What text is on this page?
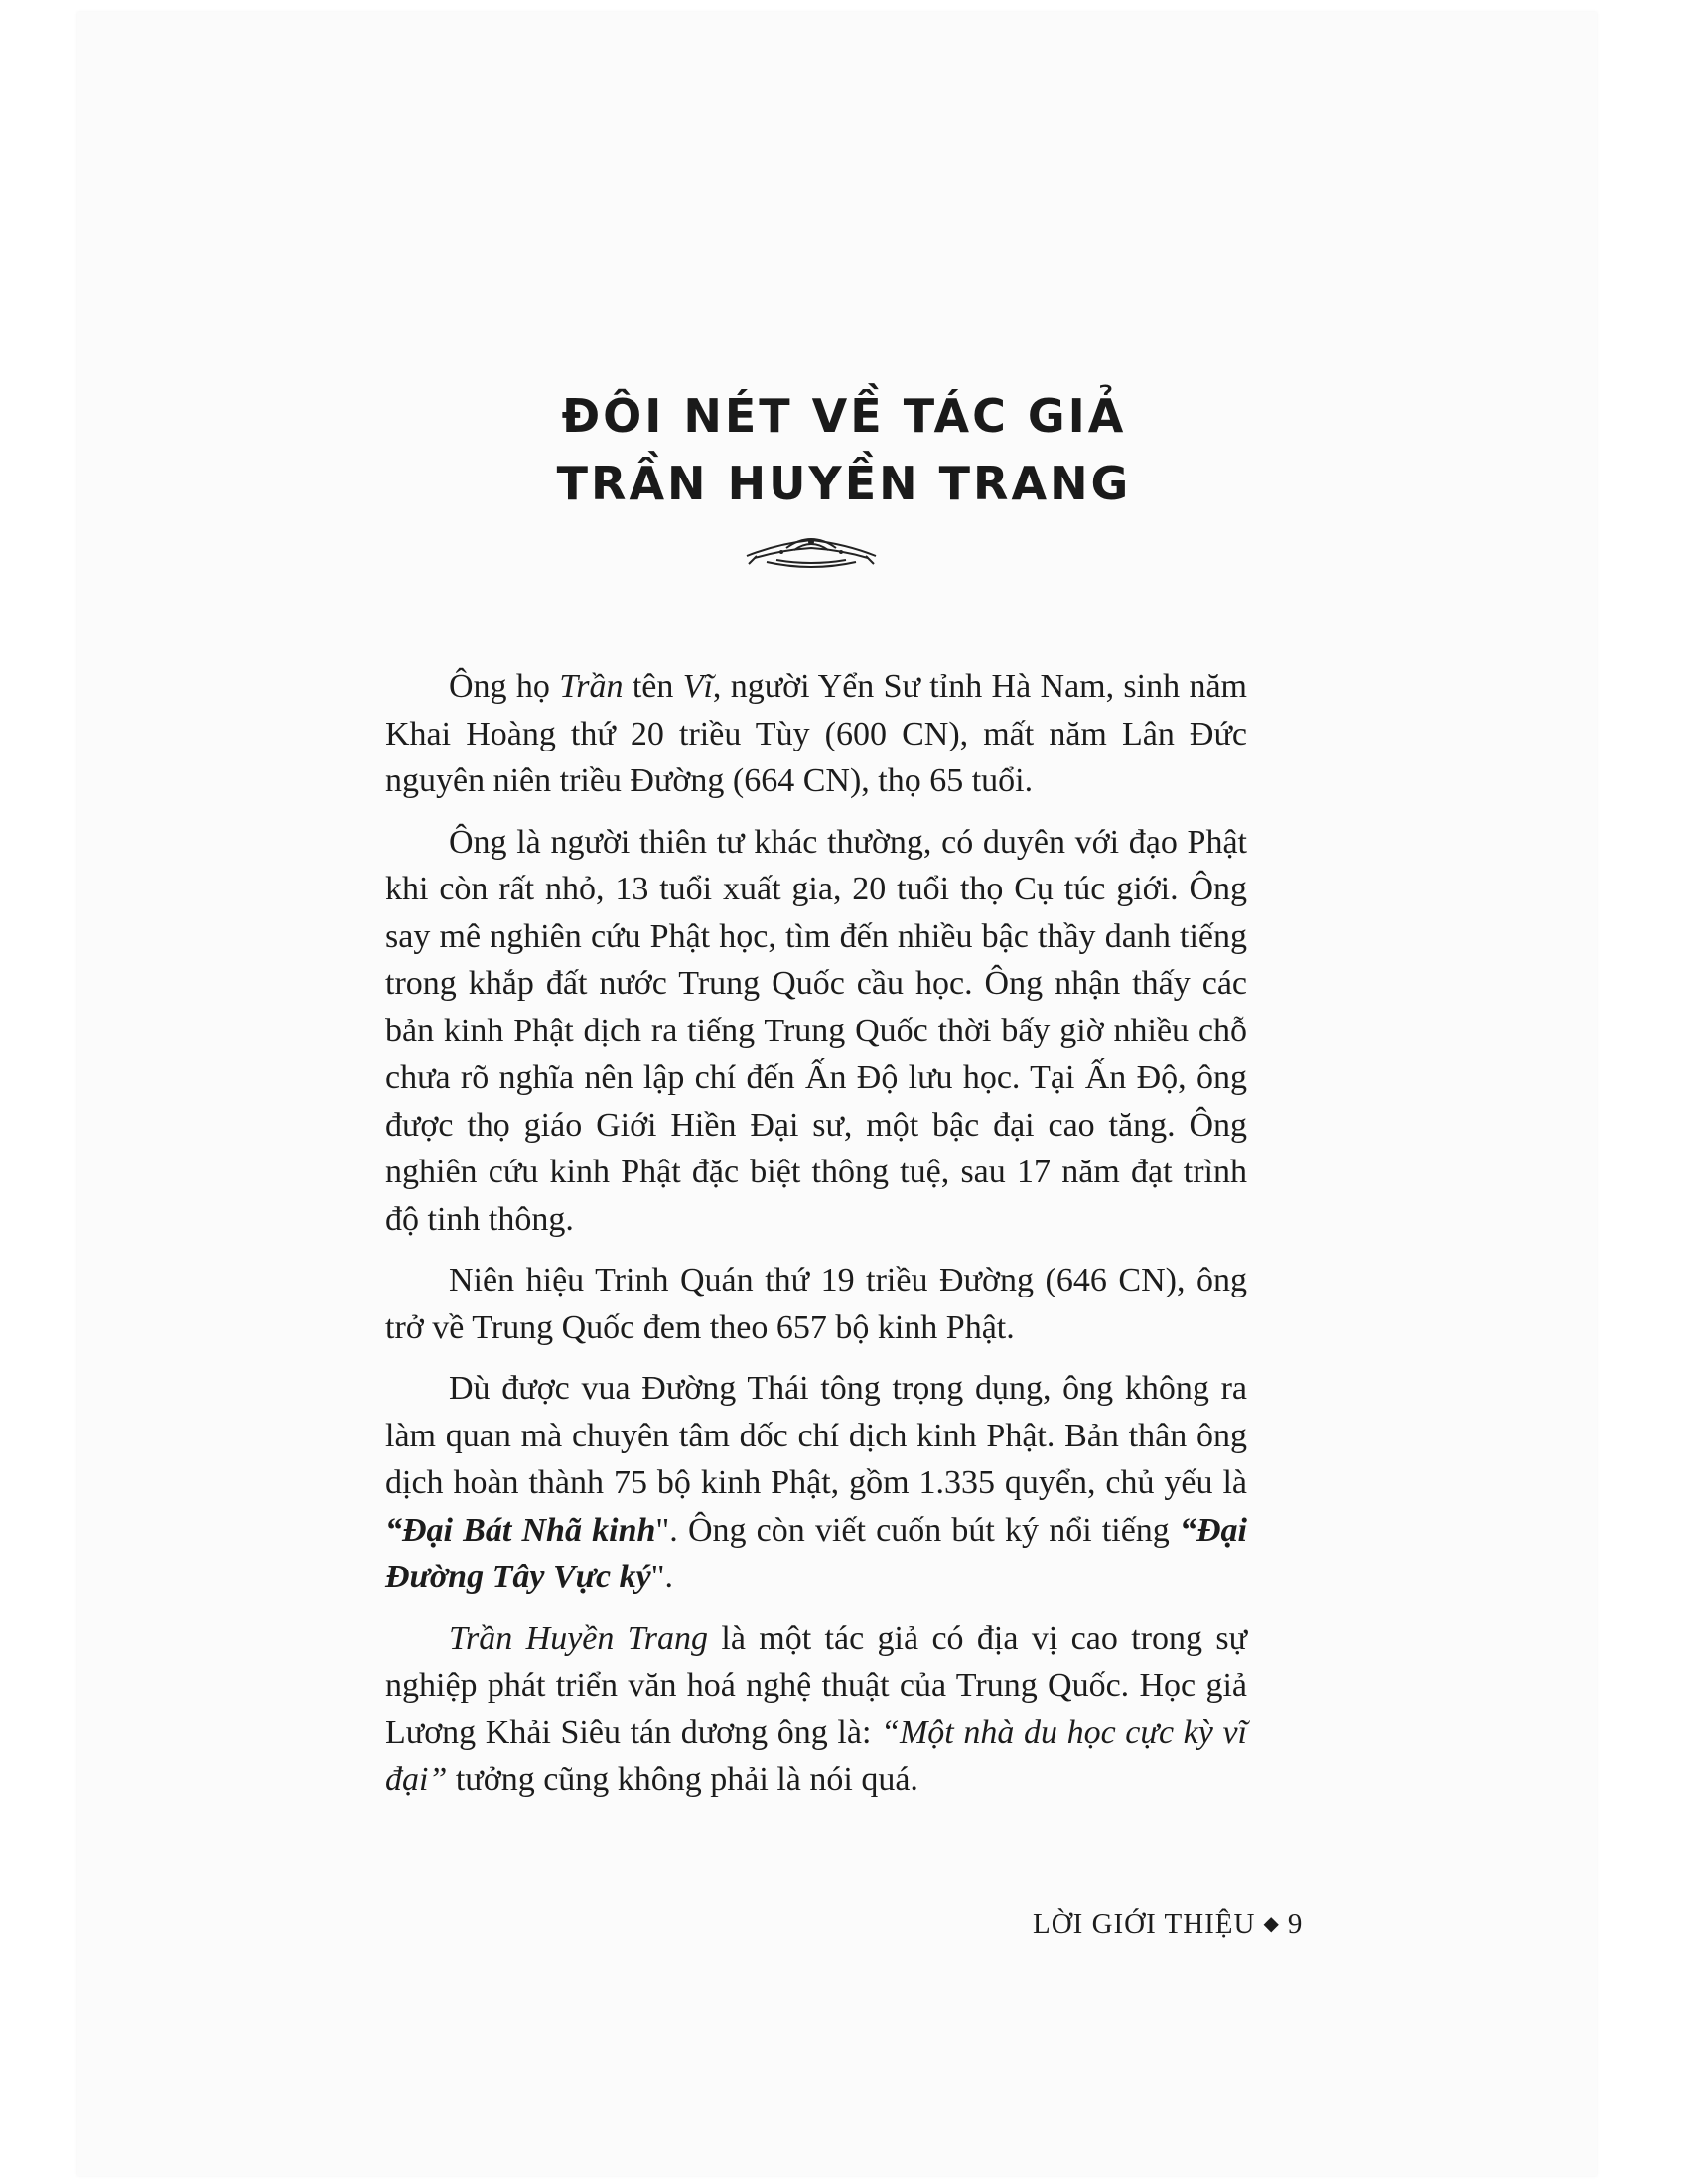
ĐÔI NÉT VỀ TÁC GIẢ
TRẦN HUYỀN TRANG

Ông họ Trần tên Vĩ, người Yển Sư tỉnh Hà Nam, sinh năm Khai Hoàng thứ 20 triều Tùy (600 CN), mất năm Lân Đức nguyên niên triều Đường (664 CN), thọ 65 tuổi.

Ông là người thiên tư khác thường, có duyên với đạo Phật khi còn rất nhỏ, 13 tuổi xuất gia, 20 tuổi thọ Cụ túc giới. Ông say mê nghiên cứu Phật học, tìm đến nhiều bậc thầy danh tiếng trong khắp đất nước Trung Quốc cầu học. Ông nhận thấy các bản kinh Phật dịch ra tiếng Trung Quốc thời bấy giờ nhiều chỗ chưa rõ nghĩa nên lập chí đến Ấn Độ lưu học. Tại Ấn Độ, ông được thọ giáo Giới Hiền Đại sư, một bậc đại cao tăng. Ông nghiên cứu kinh Phật đặc biệt thông tuệ, sau 17 năm đạt trình độ tinh thông.

Niên hiệu Trinh Quán thứ 19 triều Đường (646 CN), ông trở về Trung Quốc đem theo 657 bộ kinh Phật.

Dù được vua Đường Thái tông trọng dụng, ông không ra làm quan mà chuyên tâm dốc chí dịch kinh Phật. Bản thân ông dịch hoàn thành 75 bộ kinh Phật, gồm 1.335 quyển, chủ yếu là “Đại Bát Nhã kinh". Ông còn viết cuốn bút ký nổi tiếng “Đại Đường Tây Vực ký".

Trần Huyền Trang là một tác giả có địa vị cao trong sự nghiệp phát triển văn hoá nghệ thuật của Trung Quốc. Học giả Lương Khải Siêu tán dương ông là: “Một nhà du học cực kỳ vĩ đại” tưởng cũng không phải là nói quá.

LỜI GIỚI THIỆU ◆ 9
